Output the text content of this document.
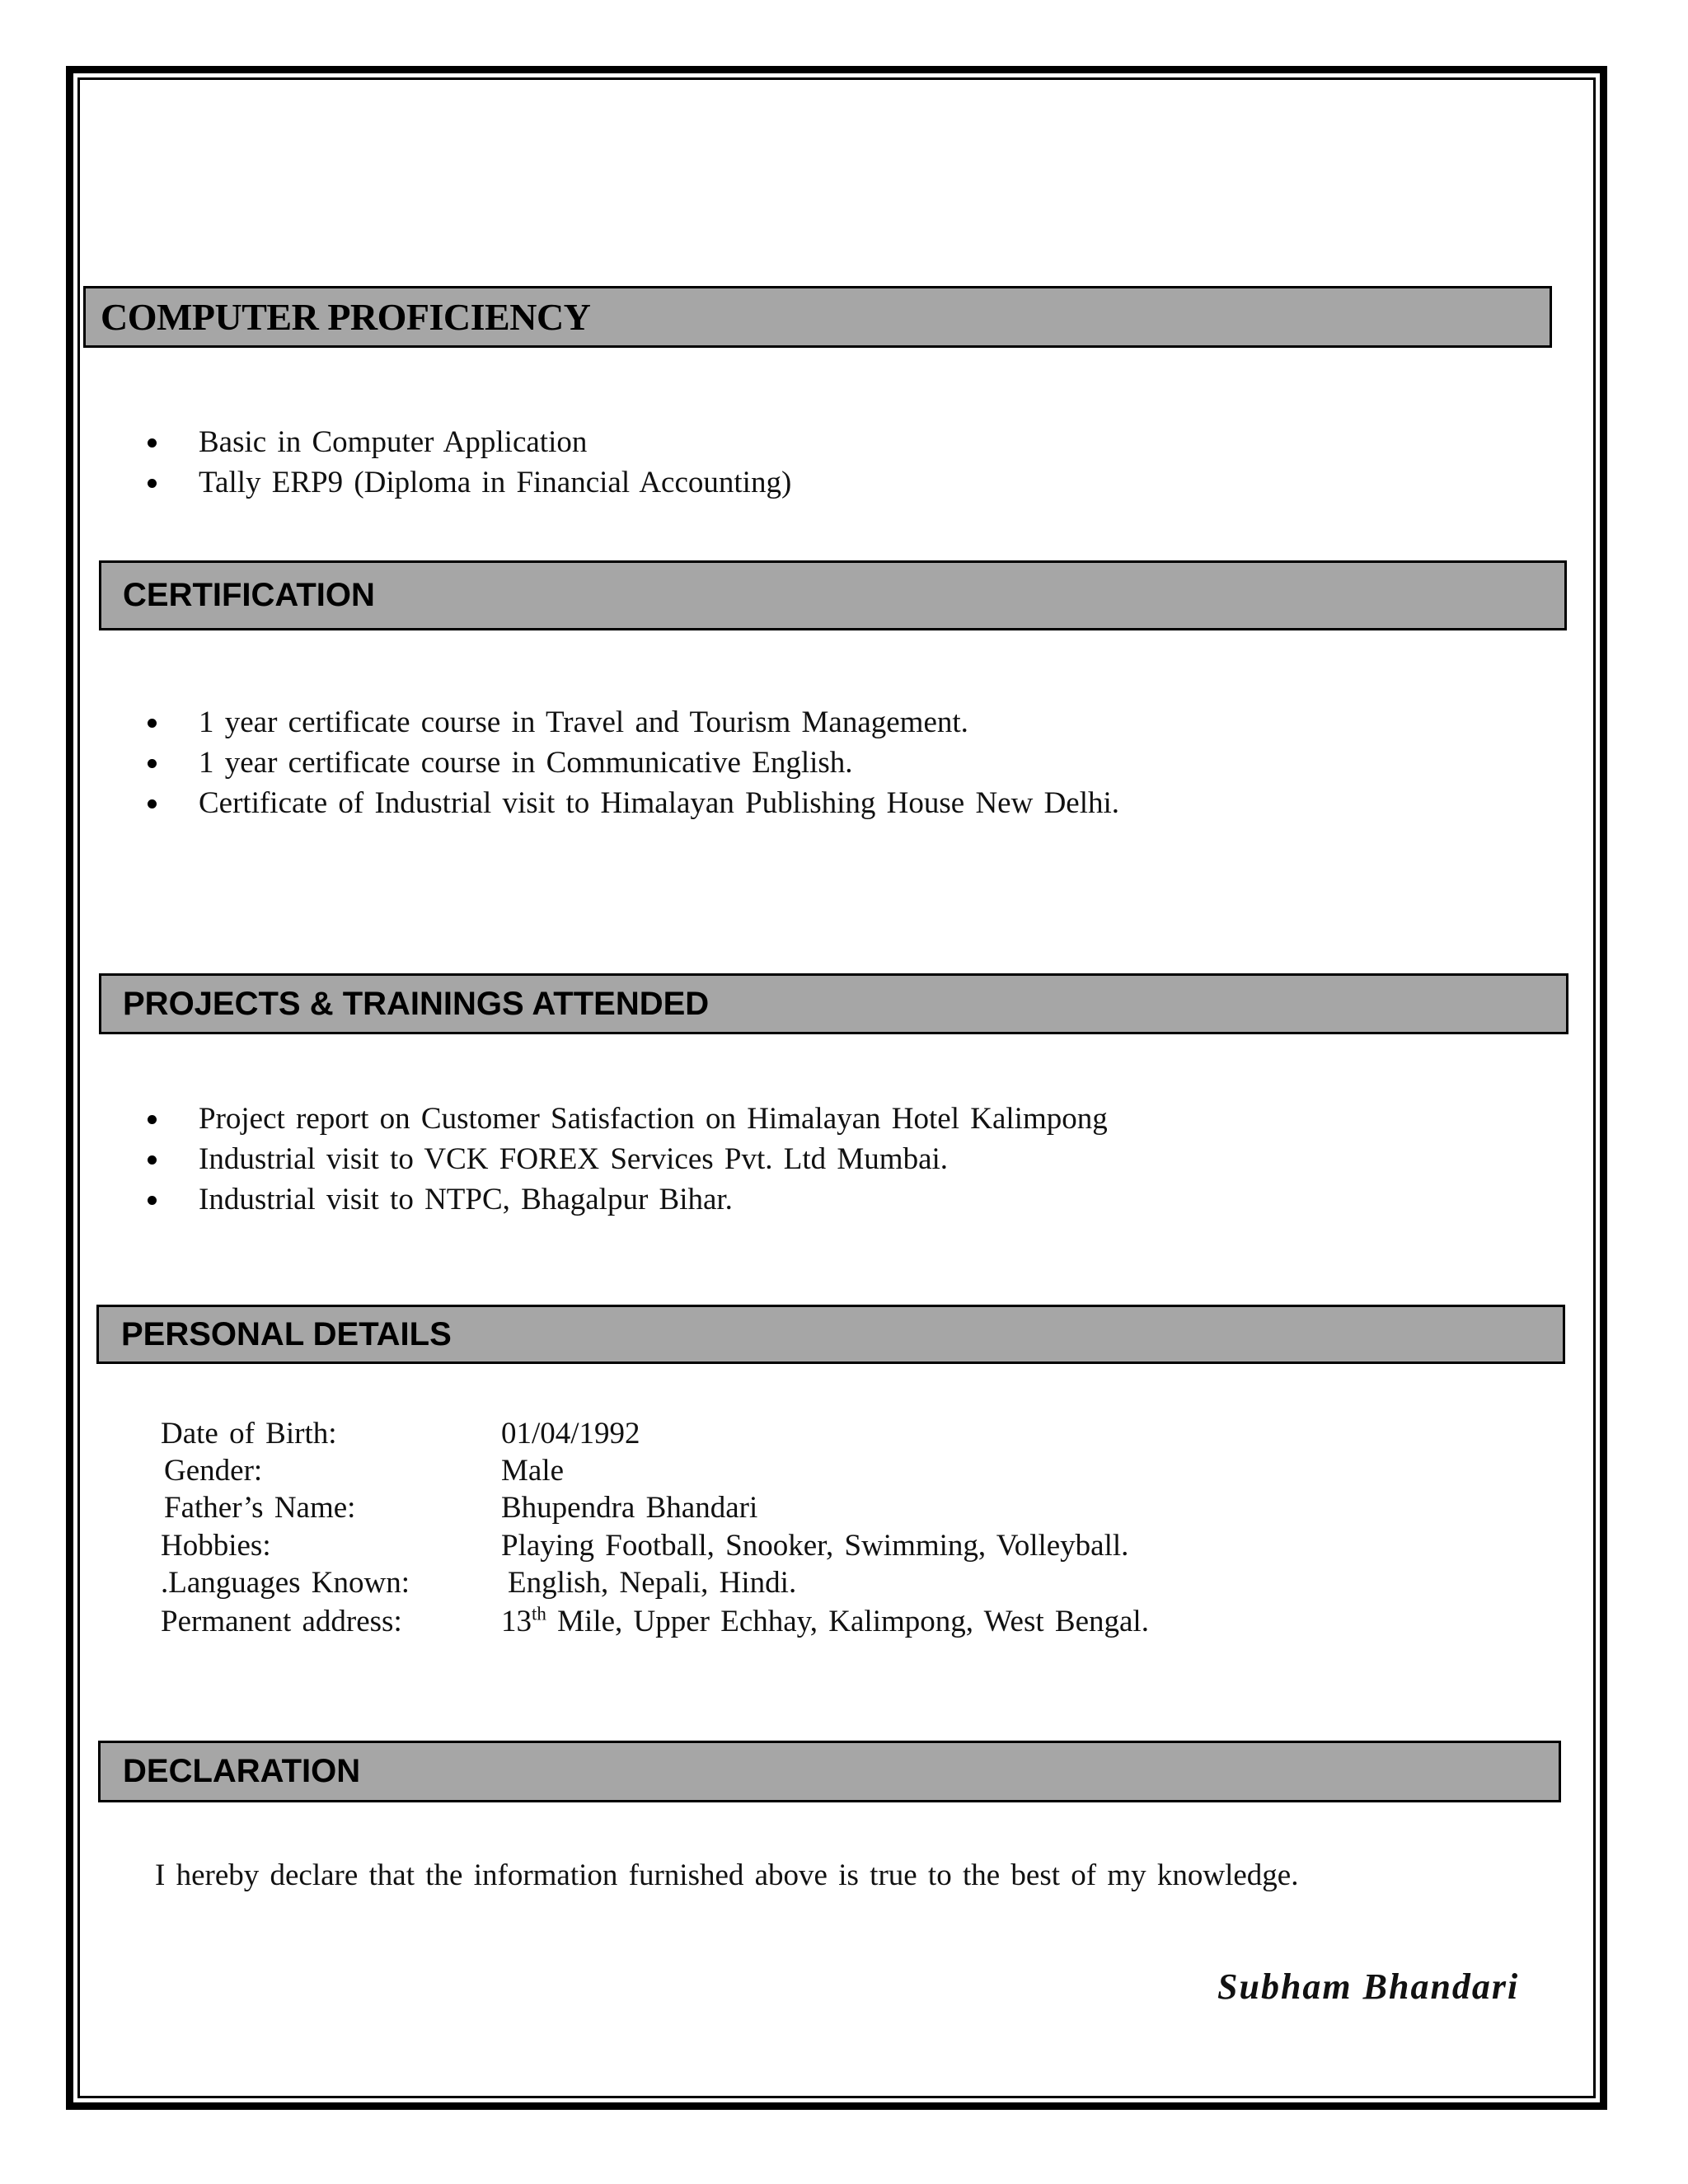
COMPUTER PROFICIENCY
Basic in Computer Application
Tally ERP9 (Diploma in Financial Accounting)
CERTIFICATION
1 year certificate course in Travel and Tourism Management.
1 year certificate course in Communicative English.
Certificate of Industrial visit to Himalayan Publishing House New Delhi.
PROJECTS & TRAININGS ATTENDED
Project report on Customer Satisfaction on Himalayan Hotel Kalimpong
Industrial visit to VCK FOREX Services Pvt. Ltd Mumbai.
Industrial visit to NTPC, Bhagalpur Bihar.
PERSONAL DETAILS
Date of Birth:	01/04/1992
Gender:	Male
Father’s Name:	Bhupendra Bhandari
Hobbies:	Playing Football, Snooker, Swimming, Volleyball.
.Languages Known:	English, Nepali, Hindi.
Permanent address:	13th Mile, Upper Echhay, Kalimpong, West Bengal.
DECLARATION
I hereby declare that the information furnished above is true to the best of my knowledge.
Subham Bhandari
